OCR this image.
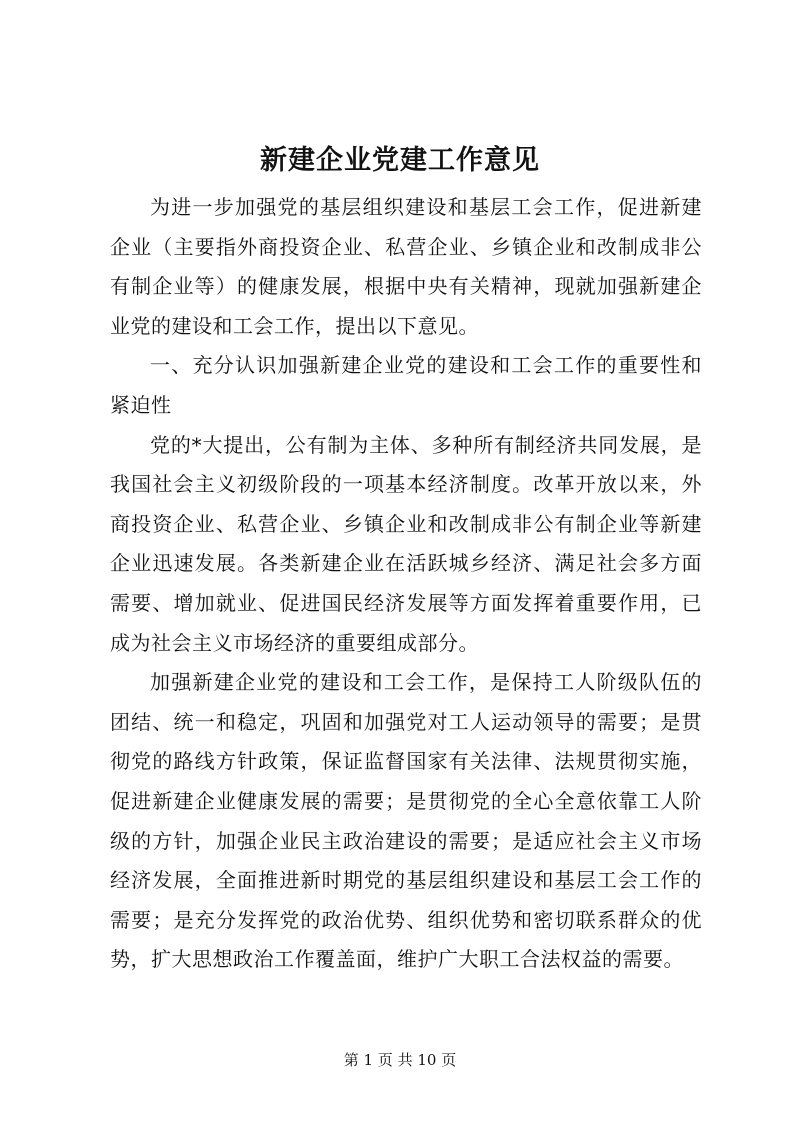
新建企业党建工作意见

为进一步加强党的基层组织建设和基层工会工作，促进新建企业（主要指外商投资企业、私营企业、乡镇企业和改制成非公有制企业等）的健康发展，根据中央有关精神，现就加强新建企业党的建设和工会工作，提出以下意见。

一、充分认识加强新建企业党的建设和工会工作的重要性和紧迫性

党的*大提出，公有制为主体、多种所有制经济共同发展，是我国社会主义初级阶段的一项基本经济制度。改革开放以来，外商投资企业、私营企业、乡镇企业和改制成非公有制企业等新建企业迅速发展。各类新建企业在活跃城乡经济、满足社会多方面需要、增加就业、促进国民经济发展等方面发挥着重要作用，已成为社会主义市场经济的重要组成部分。

加强新建企业党的建设和工会工作，是保持工人阶级队伍的团结、统一和稳定，巩固和加强党对工人运动领导的需要；是贯彻党的路线方针政策，保证监督国家有关法律、法规贯彻实施，促进新建企业健康发展的需要；是贯彻党的全心全意依靠工人阶级的方针，加强企业民主政治建设的需要；是适应社会主义市场经济发展，全面推进新时期党的基层组织建设和基层工会工作的需要；是充分发挥党的政治优势、组织优势和密切联系群众的优势，扩大思想政治工作覆盖面，维护广大职工合法权益的需要。

第 1 页 共 10 页
